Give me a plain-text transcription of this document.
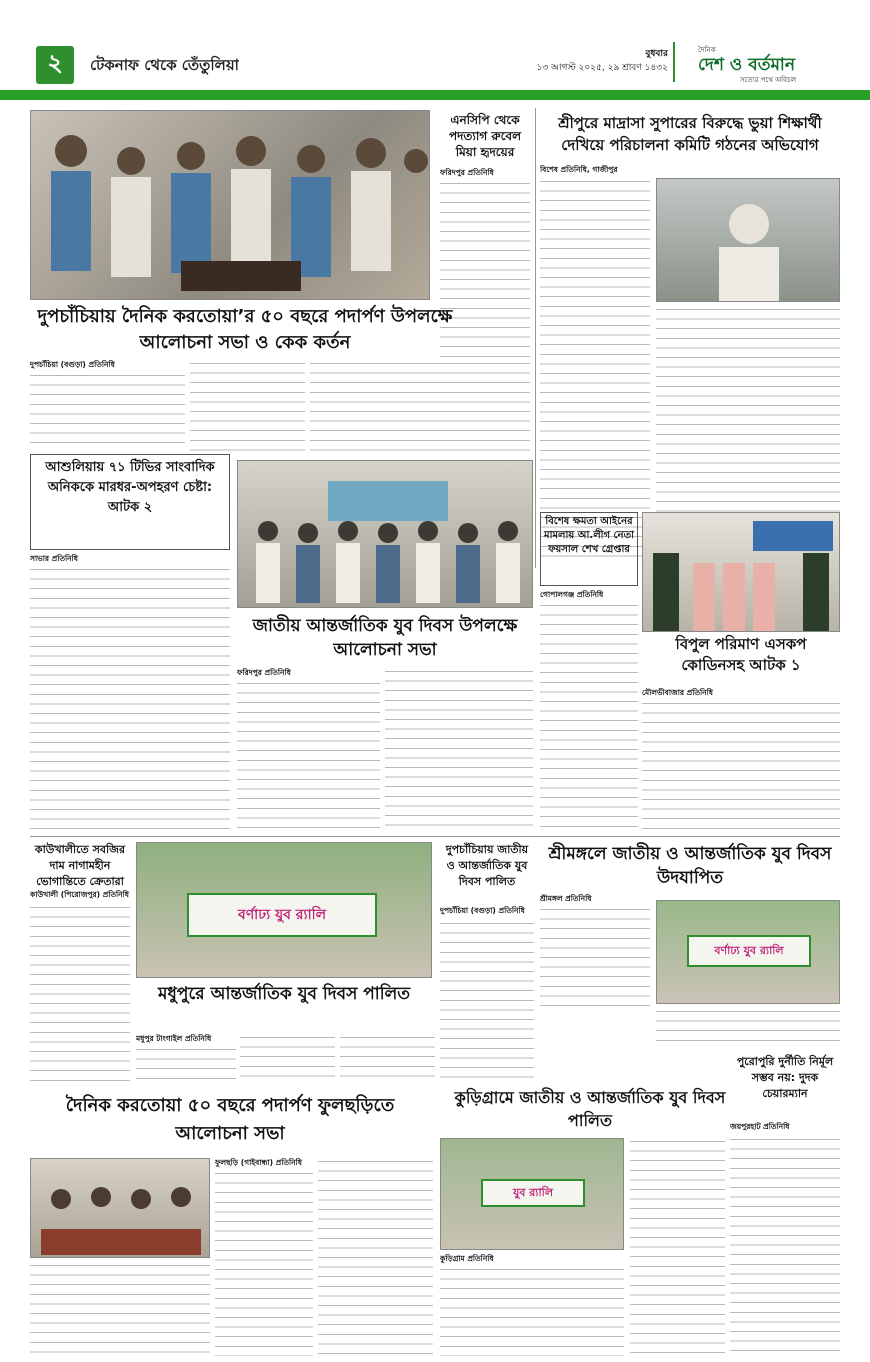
২	টেকনাফ থেকে তেঁতুলিয়া
বুধবার
১৩ আগস্ট ২০২৫, ২৯ শ্রাবণ ১৪৩২
দৈনিক
দেশ ও বর্তমান
সত্যের পথে অবিচল
এনসিপি থেকে পদত্যাগ রুবেল মিয়া হৃদয়ের
ফরিদপুর প্রতিনিধি
শ্রীপুরে মাদ্রাসা সুপারের বিরুদ্ধে ভুয়া শিক্ষার্থী দেখিয়ে পরিচালনা কমিটি গঠনের অভিযোগ
বিশেষ প্রতিনিধি, গাজীপুর
দুপচাঁচিয়ায় দৈনিক করতোয়া’র ৫০ বছরে পদার্পণ উপলক্ষে আলোচনা সভা ও কেক কর্তন
দুপচাঁচিয়া (বগুড়া) প্রতিনিধি
আশুলিয়ায় ৭১ টিভির সাংবাদিক অনিককে মারধর-অপহরণ চেষ্টা: আটক ২
সাভার প্রতিনিধি
জাতীয় আন্তর্জাতিক যুব দিবস উপলক্ষে আলোচনা সভা
ফরিদপুর প্রতিনিধি
বিশেষ ক্ষমতা আইনের মামলায় আ.লীগ নেতা ফয়সাল শেখ গ্রেপ্তার
গোপালগঞ্জ প্রতিনিধি
বিপুল পরিমাণ এসকপ কোডিনসহ আটক ১
মৌলভীবাজার প্রতিনিধি
কাউখালীতে সবজির দাম নাগামহীন ভোগান্তিতে ক্রেতারা
কাউখালী (পিরোজপুর) প্রতিনিধি
বর্ণাঢ্য যুব র‍্যালি
মধুপুরে আন্তর্জাতিক যুব দিবস পালিত
মধুপুর টাংগাইল প্রতিনিধি
দুপচাঁচিয়ায় জাতীয় ও আন্তর্জাতিক যুব দিবস পালিত
দুপচাঁচিয়া (বগুড়া) প্রতিনিধি
শ্রীমঙ্গলে জাতীয় ও আন্তর্জাতিক যুব দিবস উদযাপিত
শ্রীমঙ্গল প্রতিনিধি
বর্ণাঢ্য যুব র‍্যালি
কুড়িগ্রামে জাতীয় ও আন্তর্জাতিক যুব দিবস পালিত
যুব র‍্যালি
কুড়িগ্রাম প্রতিনিধি
পুরোপুরি দুর্নীতি নির্মূল সম্ভব নয়: দুদক চেয়ারম্যান
জয়পুরহাট প্রতিনিধি
দৈনিক করতোয়া ৫০ বছরে পদার্পণ ফুলছড়িতে আলোচনা সভা
ফুলছড়ি (গাইবান্ধা) প্রতিনিধি
